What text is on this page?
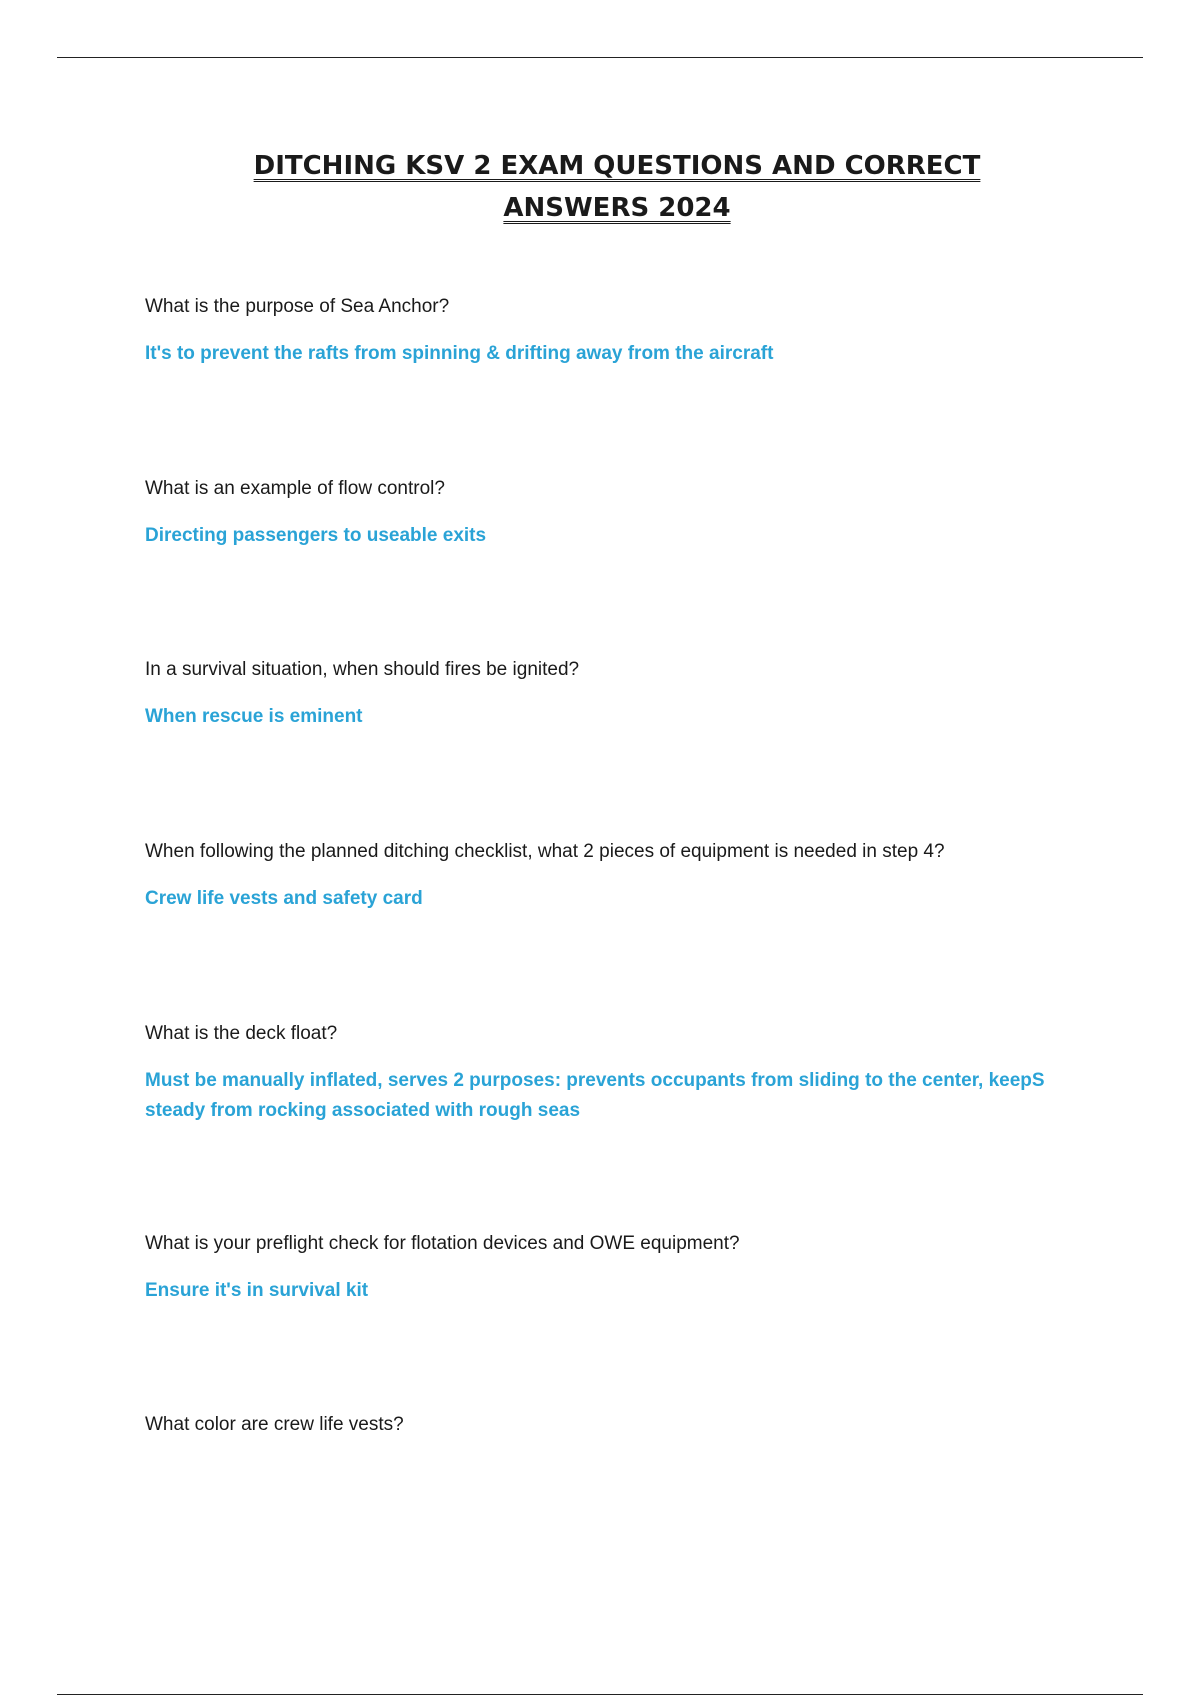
DITCHING KSV 2 EXAM QUESTIONS AND CORRECT
ANSWERS 2024

What is the purpose of Sea Anchor?

It's to prevent the rafts from spinning & drifting away from the aircraft

What is an example of flow control?

Directing passengers to useable exits

In a survival situation, when should fires be ignited?

When rescue is eminent

When following the planned ditching checklist, what 2 pieces of equipment is needed in step 4?

Crew life vests and safety card

What is the deck float?

Must be manually inflated, serves 2 purposes: prevents occupants from sliding to the center, keepS steady from rocking associated with rough seas

What is your preflight check for flotation devices and OWE equipment?

Ensure it's in survival kit

What color are crew life vests?
